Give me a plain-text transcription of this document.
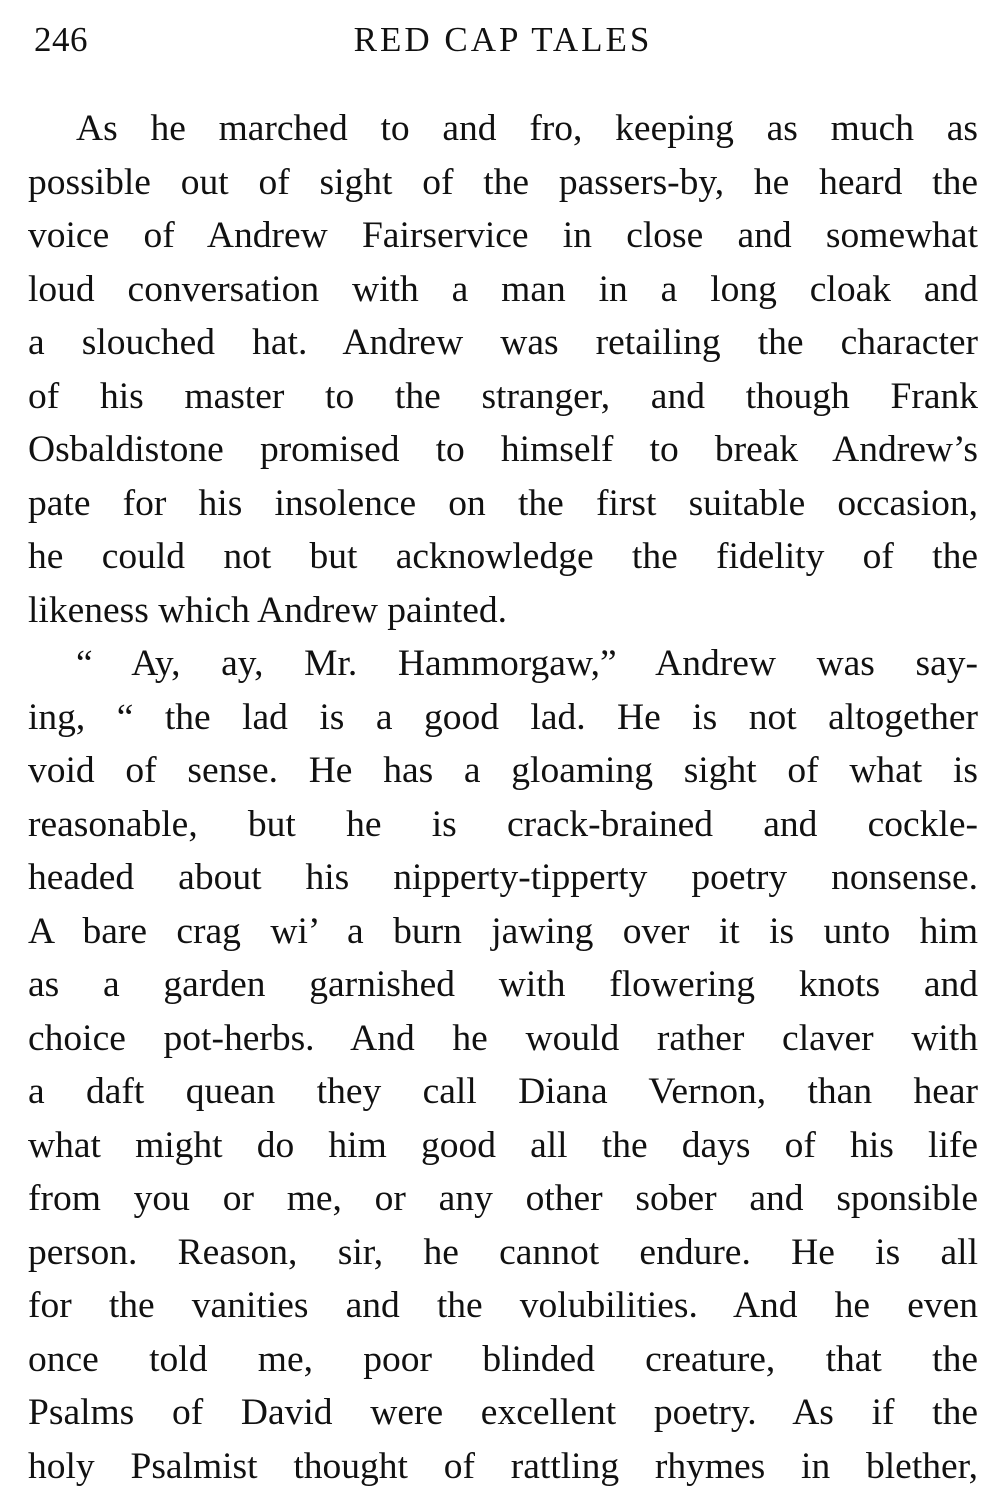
246	RED CAP TALES

As he marched to and fro, keeping as much as
possible out of sight of the passers-by, he heard the
voice of Andrew Fairservice in close and somewhat
loud conversation with a man in a long cloak and
a slouched hat. Andrew was retailing the character
of his master to the stranger, and though Frank
Osbaldistone promised to himself to break Andrew’s
pate for his insolence on the first suitable occasion,
he could not but acknowledge the fidelity of the
likeness which Andrew painted.

“ Ay, ay, Mr. Hammorgaw,” Andrew was say-
ing, “ the lad is a good lad. He is not altogether
void of sense. He has a gloaming sight of what is
reasonable, but he is crack-brained and cockle-
headed about his nipperty-tipperty poetry nonsense.
A bare crag wi’ a burn jawing over it is unto him
as a garden garnished with flowering knots and
choice pot-herbs. And he would rather claver with
a daft quean they call Diana Vernon, than hear
what might do him good all the days of his life
from you or me, or any other sober and sponsible
person. Reason, sir, he cannot endure. He is all
for the vanities and the volubilities. And he even
once told me, poor blinded creature, that the
Psalms of David were excellent poetry. As if the
holy Psalmist thought of rattling rhymes in blether,
